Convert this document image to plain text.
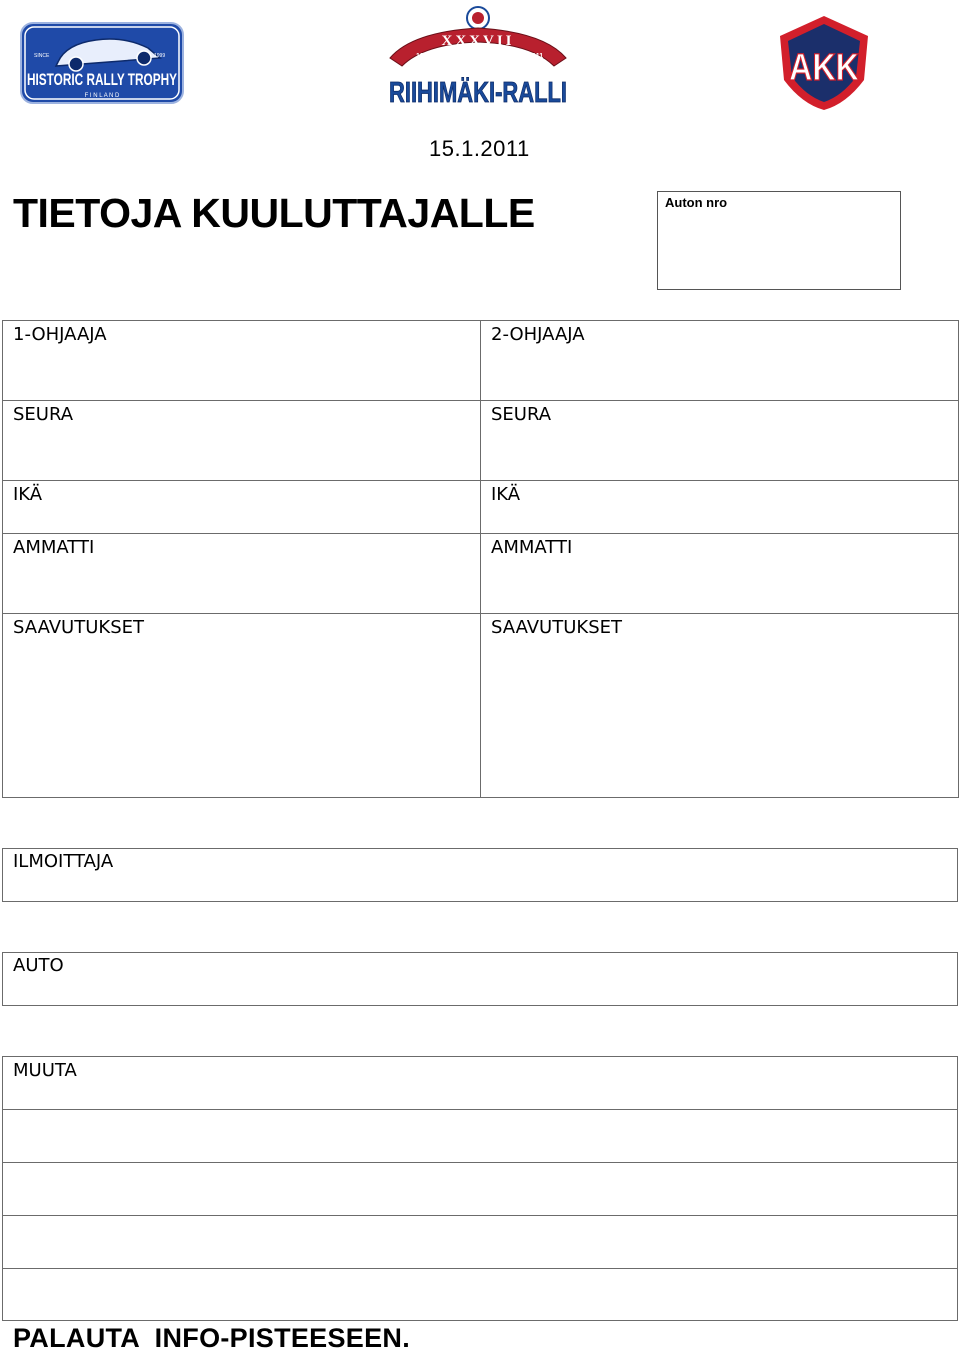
SINCE	1999
HISTORIC RALLY TROPHY
F I N L A N D
XXXVII
1968	2011
RIIHIMÄKI-RALLI
AKK
15.1.2011
TIETOJA KUULUTTAJALLE	Auton nro
1-OHJAAJA	2-OHJAAJA

SEURA	SEURA

IKÄ	IKÄ

AMMATTI	AMMATTI

SAAVUTUKSET	SAAVUTUKSET
ILMOITTAJA
AUTO
MUUTA

PALAUTA  INFO-PISTEESEEN.
